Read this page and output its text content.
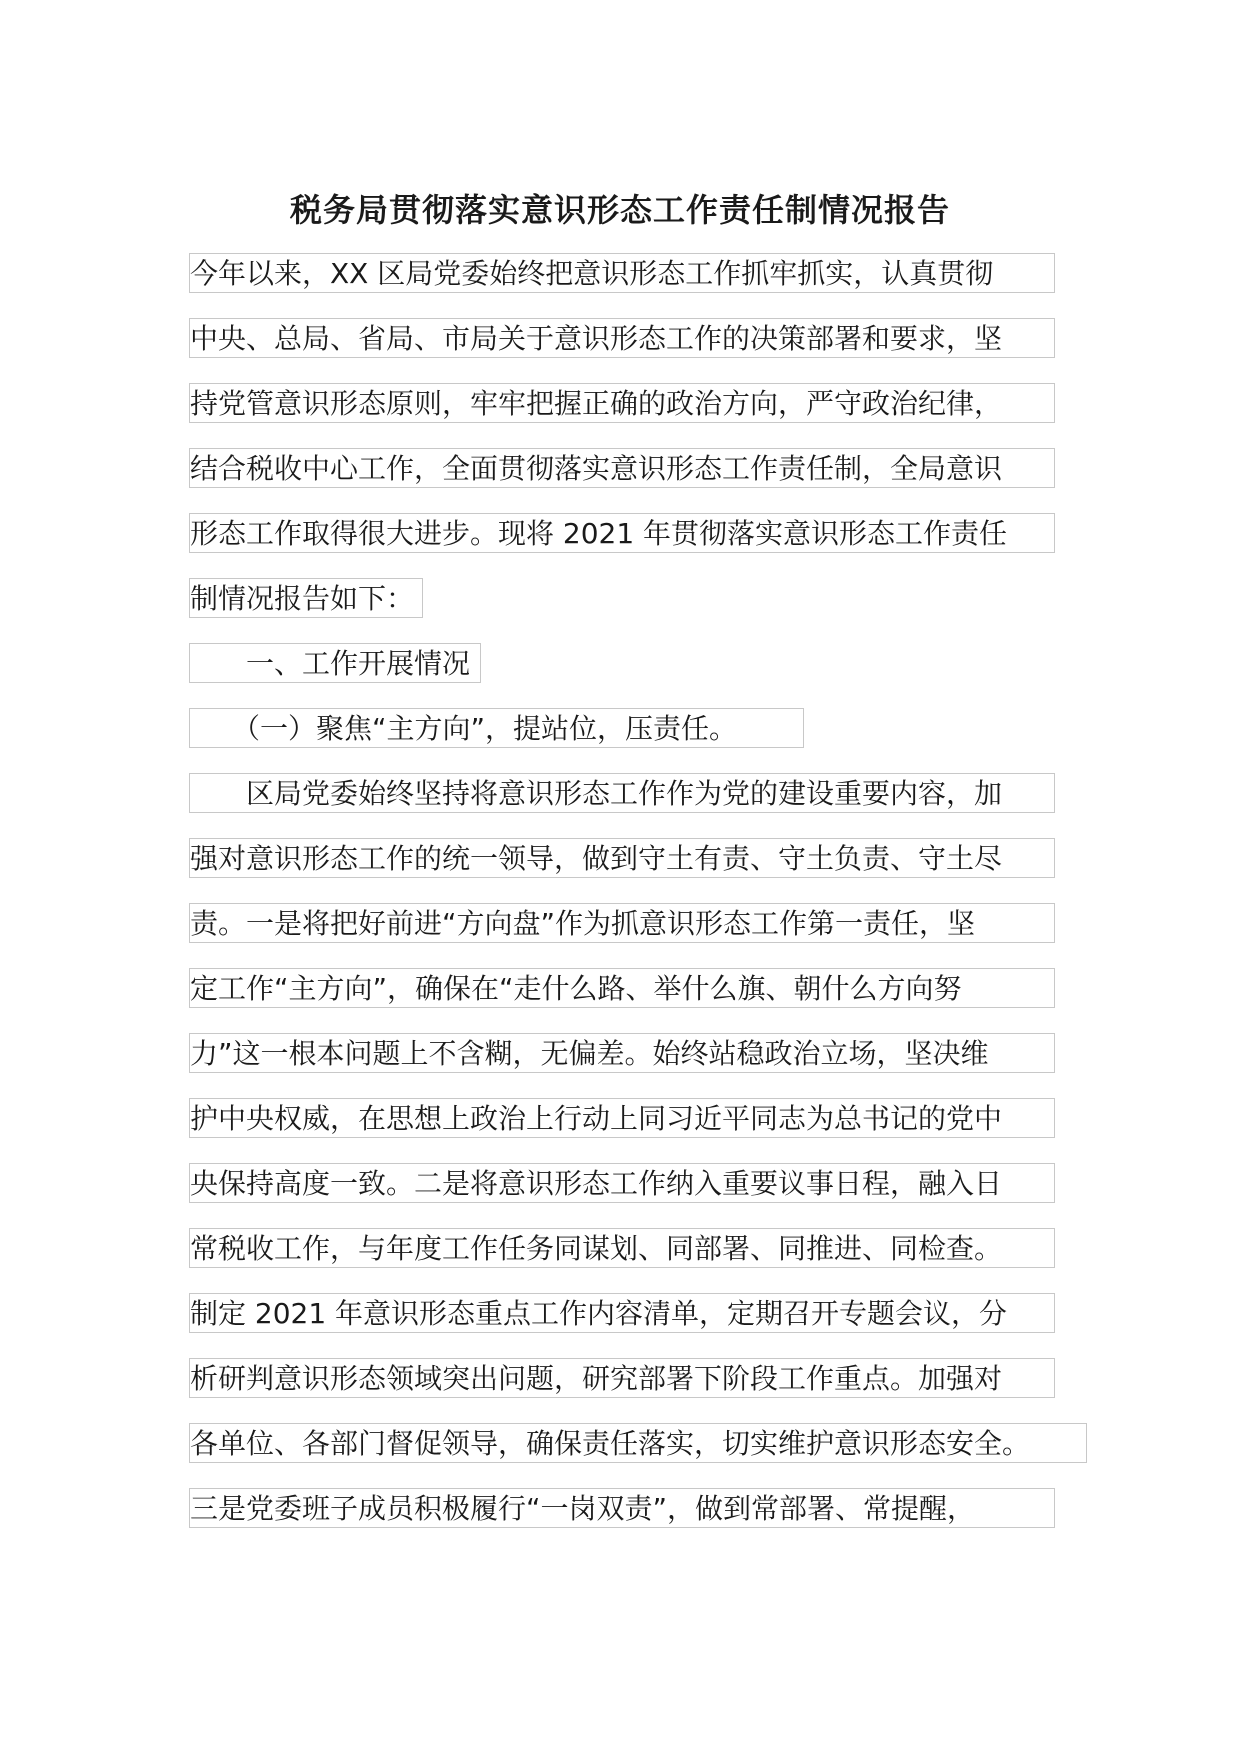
税务局贯彻落实意识形态工作责任制情况报告
今年以来，XX 区局党委始终把意识形态工作抓牢抓实，认真贯彻
中央、总局、省局、市局关于意识形态工作的决策部署和要求，坚
持党管意识形态原则，牢牢把握正确的政治方向，严守政治纪律，
结合税收中心工作，全面贯彻落实意识形态工作责任制，全局意识
形态工作取得很大进步。现将 2021 年贯彻落实意识形态工作责任
制情况报告如下：
　　一、工作开展情况
　　（一）聚焦“主方向”，提站位，压责任。
　　区局党委始终坚持将意识形态工作作为党的建设重要内容，加
强对意识形态工作的统一领导，做到守土有责、守土负责、守土尽
责。一是将把好前进“方向盘”作为抓意识形态工作第一责任，坚
定工作“主方向”，确保在“走什么路、举什么旗、朝什么方向努
力”这一根本问题上不含糊，无偏差。始终站稳政治立场，坚决维
护中央权威，在思想上政治上行动上同习近平同志为总书记的党中
央保持高度一致。二是将意识形态工作纳入重要议事日程，融入日
常税收工作，与年度工作任务同谋划、同部署、同推进、同检查。
制定 2021 年意识形态重点工作内容清单，定期召开专题会议，分
析研判意识形态领域突出问题，研究部署下阶段工作重点。加强对
各单位、各部门督促领导，确保责任落实，切实维护意识形态安全。
三是党委班子成员积极履行“一岗双责”，做到常部署、常提醒，
